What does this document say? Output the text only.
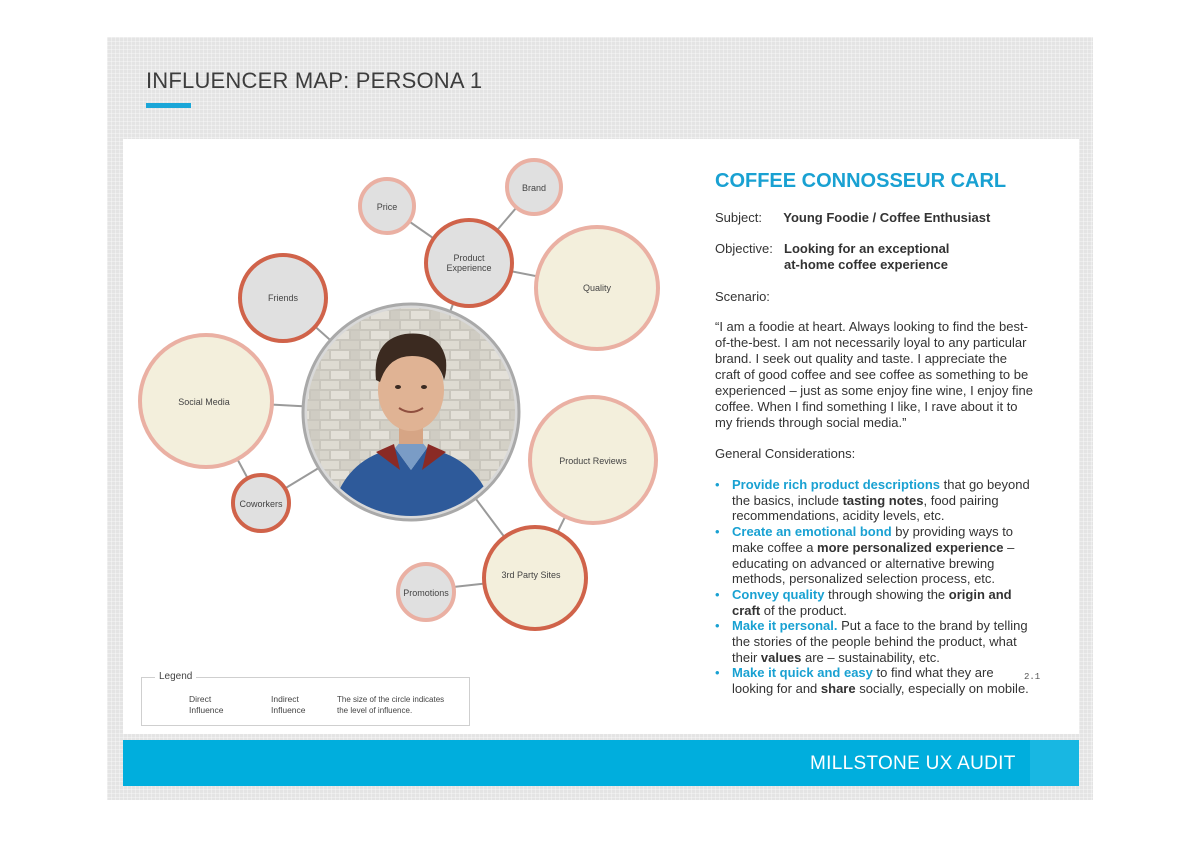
INFLUENCER MAP: PERSONA 1
Price
Brand
Product
Experience
Quality
Friends
Social Media
Product Reviews
Coworkers
3rd Party Sites
Promotions
Legend
Direct
Influence
Indirect
Influence
The size of the circle indicates
the level of influence.
COFFEE CONNOSSEUR CARL
Subject: Young Foodie / Coffee Enthusiast
Objective: Looking for an exceptional
at-home coffee experience
Scenario:
“I am a foodie at heart. Always looking to find the best-of-the-best. I am not necessarily loyal to any particular brand. I seek out quality and taste. I appreciate the craft of good coffee and see coffee as something to be experienced – just as some enjoy fine wine, I enjoy fine coffee. When I find something I like, I rave about it to my friends through social media.”
General Considerations:
• Provide rich product descriptions that go beyond the basics, include tasting notes, food pairing recommendations, acidity levels, etc.
• Create an emotional bond by providing ways to make coffee a more personalized experience – educating on advanced or alternative brewing methods, personalized selection process, etc.
• Convey quality through showing the origin and craft of the product.
• Make it personal. Put a face to the brand by telling the stories of the people behind the product, what their values are – sustainability, etc.
• Make it quick and easy to find what they are looking for and share socially, especially on mobile.
2.1
MILLSTONE UX AUDIT
